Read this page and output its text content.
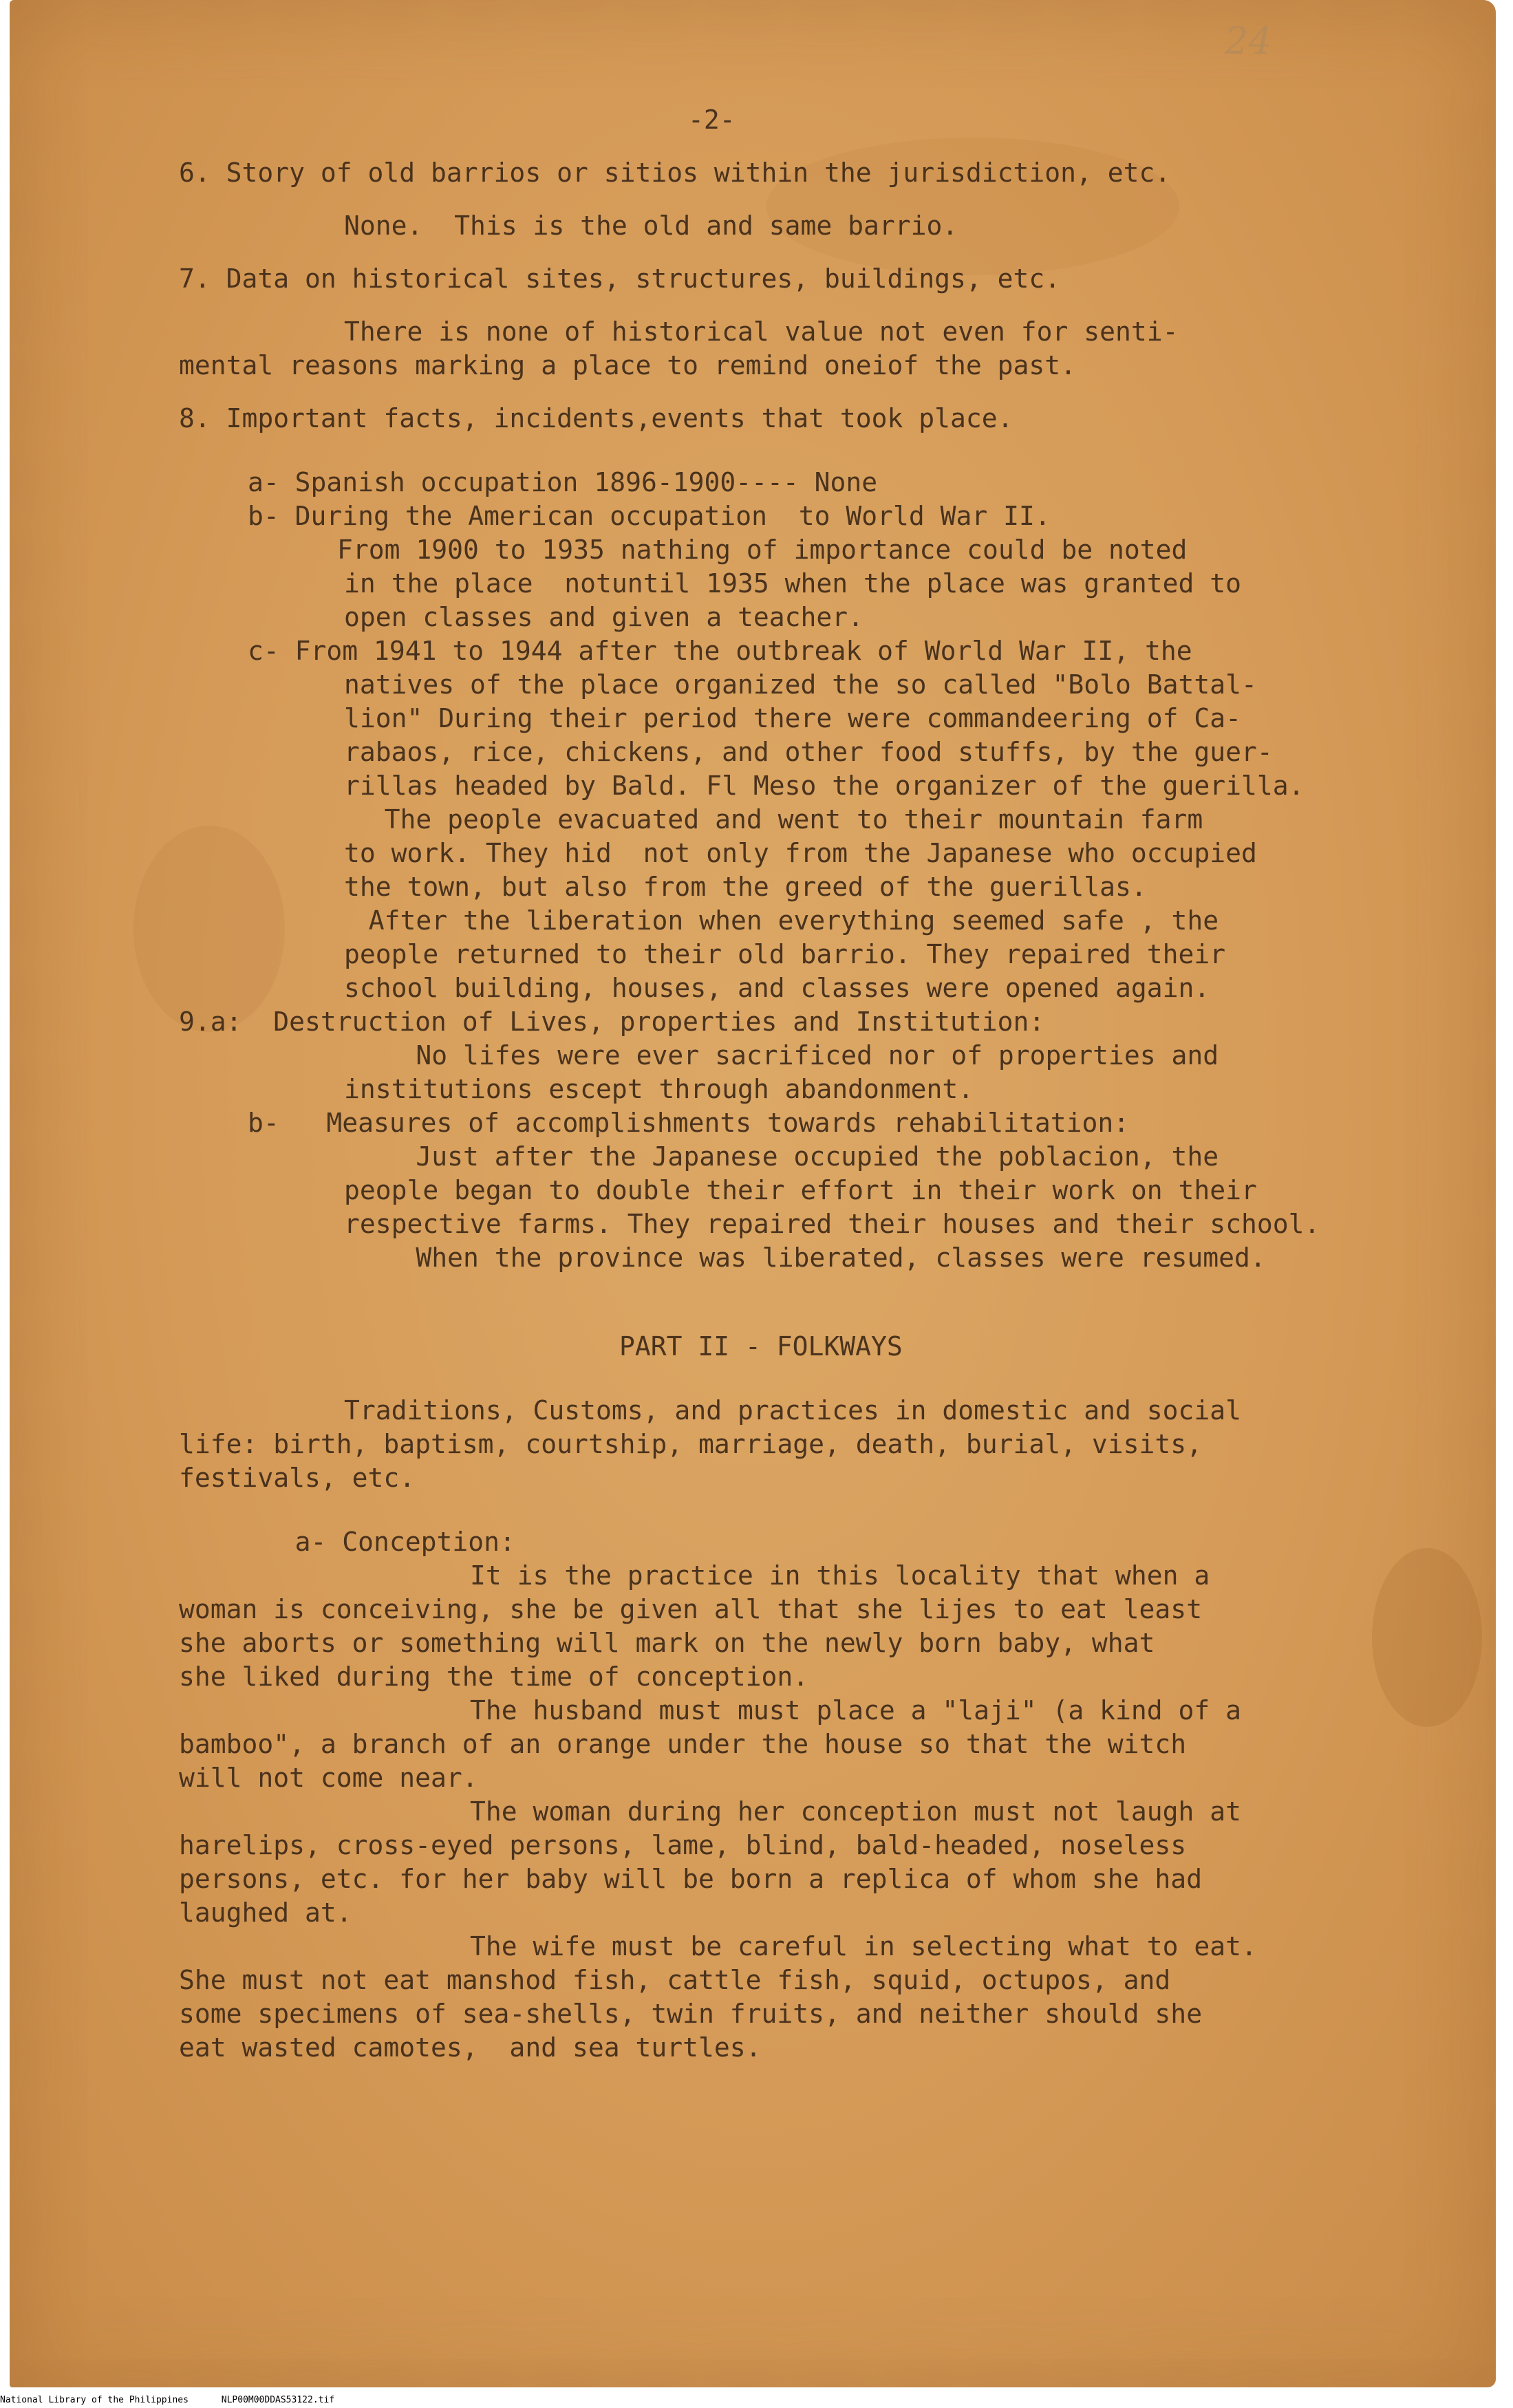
24
-2-
6. Story of old barrios or sitios within the jurisdiction, etc.
None.  This is the old and same barrio.
7. Data on historical sites, structures, buildings, etc.
There is none of historical value not even for senti-
mental reasons marking a place to remind oneiof the past.
8. Important facts, incidents,events that took place.
a- Spanish occupation 1896-1900---- None
b- During the American occupation  to World War II.
From 1900 to 1935 nathing of importance could be noted
in the place  notuntil 1935 when the place was granted to
open classes and given a teacher.
c- From 1941 to 1944 after the outbreak of World War II, the
natives of the place organized the so called "Bolo Battal-
lion" During their period there were commandeering of Ca-
rabaos, rice, chickens, and other food stuffs, by the guer-
rillas headed by Bald. Fl Meso the organizer of the guerilla.
The people evacuated and went to their mountain farm
to work. They hid  not only from the Japanese who occupied
the town, but also from the greed of the guerillas.
After the liberation when everything seemed safe , the
people returned to their old barrio. They repaired their
school building, houses, and classes were opened again.
9.a:  Destruction of Lives, properties and Institution:
No lifes were ever sacrificed nor of properties and
institutions escept through abandonment.
b-   Measures of accomplishments towards rehabilitation:
Just after the Japanese occupied the poblacion, the
people began to double their effort in their work on their
respective farms. They repaired their houses and their school.
When the province was liberated, classes were resumed.
PART II - FOLKWAYS
Traditions, Customs, and practices in domestic and social
life: birth, baptism, courtship, marriage, death, burial, visits,
festivals, etc.
a- Conception:
It is the practice in this locality that when a
woman is conceiving, she be given all that she lijes to eat least
she aborts or something will mark on the newly born baby, what
she liked during the time of conception.
The husband must must place a "laji" (a kind of a
bamboo", a branch of an orange under the house so that the witch
will not come near.
The woman during her conception must not laugh at
harelips, cross-eyed persons, lame, blind, bald-headed, noseless
persons, etc. for her baby will be born a replica of whom she had
laughed at.
The wife must be careful in selecting what to eat.
She must not eat manshod fish, cattle fish, squid, octupos, and
some specimens of sea-shells, twin fruits, and neither should she
eat wasted camotes,  and sea turtles.
National Library of the Philippines	NLP00M00DDAS53122.tif
